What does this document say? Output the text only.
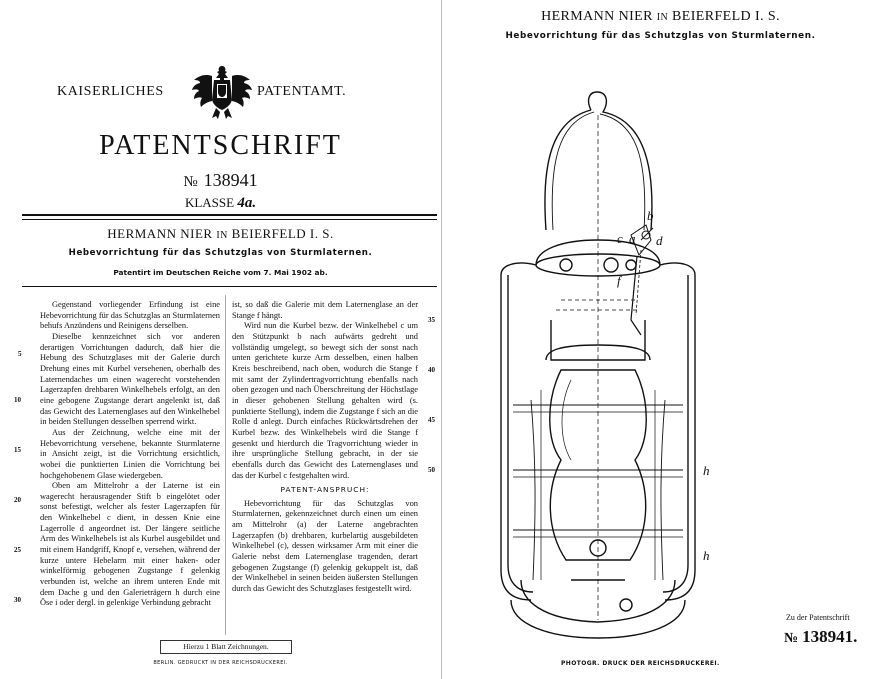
KAISERLICHES	PATENTAMT.
PATENTSCHRIFT
№ 138941
KLASSE 4a.
HERMANN NIER IN BEIERFELD I. S.
Hebevorrichtung für das Schutzglas von Sturmlaternen.
Patentirt im Deutschen Reiche vom 7. Mai 1902 ab.

Gegenstand vorliegender Erfindung ist eine Hebevorrichtung für das Schutzglas an Sturmlaternen behufs Anzündens und Reinigens derselben.

Dieselbe kennzeichnet sich vor anderen derartigen Vorrichtungen dadurch, daß hier die Hebung des Schutzglases mit der Galerie durch Drehung eines mit Kurbel versehenen, oberhalb des Laternendaches um einen wagerecht vorstehenden Lagerzapfen drehbaren Winkelhebels erfolgt, an den eine gebogene Zugstange derart angelenkt ist, daß das Gewicht des Laternenglases auf den Winkelhebel in beiden Stellungen desselben sperrend wirkt.

Aus der Zeichnung, welche eine mit der Hebevorrichtung versehene, bekannte Sturmlaterne in Ansicht zeigt, ist die Vorrichtung ersichtlich, wobei die punktierten Linien die Vorrichtung bei hochgehobenem Glase wiedergeben.

Oben am Mittelrohr a der Laterne ist ein wagerecht herausragender Stift b eingelötet oder sonst befestigt, welcher als fester Lagerzapfen für den Winkelhebel c dient, in dessen Knie eine Lagerrolle d angeordnet ist. Der längere seitliche Arm des Winkelhebels ist als Kurbel ausgebildet und mit einem Handgriff, Knopf e, versehen, während der kurze untere Hebelarm mit einer haken- oder winkelförmig gebogenen Zugstange f gelenkig verbunden ist, welche an ihrem unteren Ende mit dem Dache g und den Galerieträgern h durch eine Öse i oder dergl. in gelenkige Verbindung gebracht

ist, so daß die Galerie mit dem Laternenglase an der Stange f hängt.

Wird nun die Kurbel bezw. der Winkelhebel c um den Stützpunkt b nach aufwärts gedreht und vollständig umgelegt, so bewegt sich der sonst nach unten gerichtete kurze Arm desselben, einen halben Kreis beschreibend, nach oben, wodurch die Stange f mit samt der Zylindertragvorrichtung ebenfalls nach oben gezogen und nach Überschreitung der Höchstlage in dieser gehobenen Stellung gehalten wird (s. punktierte Stellung), indem die Zugstange f sich an die Rolle d anlegt. Durch einfaches Rückwärtsdrehen der Kurbel bezw. des Winkelhebels wird die Stange f gesenkt und hierdurch die Tragvorrichtung wieder in ihre ursprüngliche Stellung gebracht, in der sie ebenfalls durch das Gewicht des Laternenglases und das der Kurbel c festgehalten wird.

PATENT-ANSPRUCH:

Hebevorrichtung für das Schutzglas von Sturmlaternen, gekennzeichnet durch einen um einen am Mittelrohr (a) der Laterne angebrachten Lagerzapfen (b) drehbaren, kurbelartig ausgebildeten Winkelhebel (c), dessen wirksamer Arm mit einer die Galerie nebst dem Laternenglase tragenden, derart gebogenen Zugstange (f) gelenkig gekuppelt ist, daß der Winkelhebel in seinen beiden äußersten Stellungen durch das Gewicht des Schutzglases festgestellt wird.

5
10
15
20
25
30
35
40
45
50
Hierzu 1 Blatt Zeichnungen.
BERLIN. GEDRUCKT IN DER REICHSDRUCKEREI.
HERMANN NIER IN BEIERFELD I. S.
Hebevorrichtung für das Schutzglas von Sturmlaternen.
b
c a d
f
h
h
Zu der Patentschrift
№ 138941.
PHOTOGR. DRUCK DER REICHSDRUCKEREI.
